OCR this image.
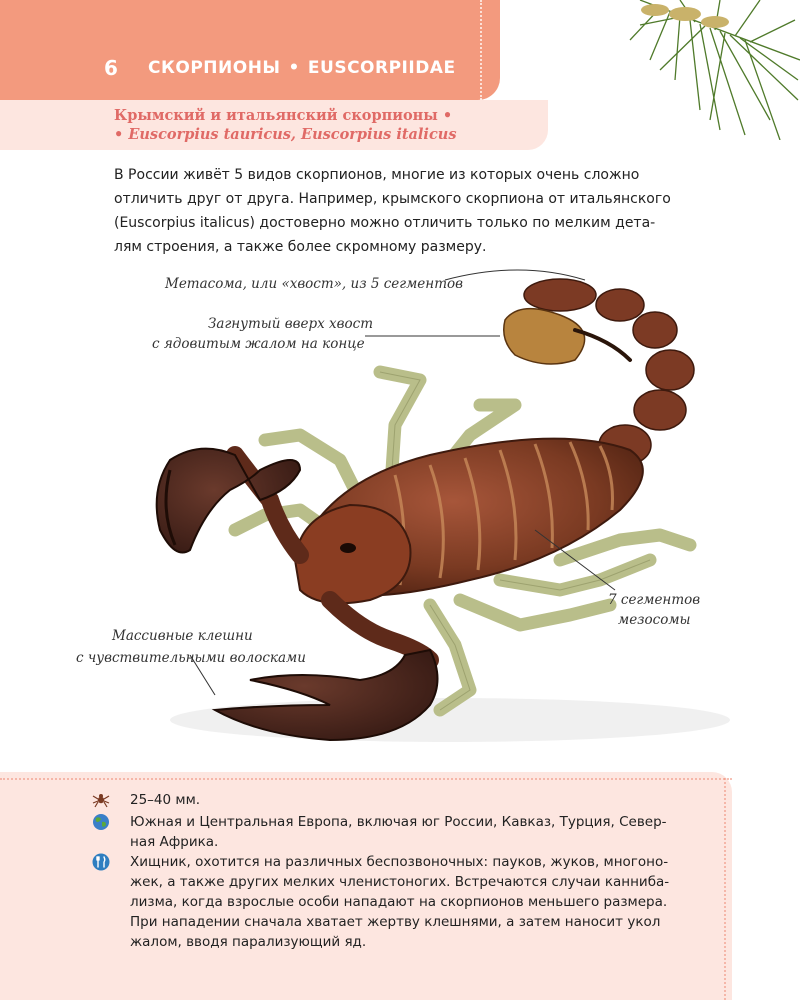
6 СКОРПИОНЫ • EUSCORPIIDAE
Крымский и итальянский скорпионы •
• Euscorpius tauricus, Euscorpius italicus
В России живёт 5 видов скорпионов, многие из которых очень сложно
отличить друг от друга. Например, крымского скорпиона от итальянского
(Euscorpius italicus) достоверно можно отличить только по мелким дета-
лям строения, а также более скромному размеру.
Метасома, или «хвост», из 5 сегментов
Загнутый вверх хвост
с ядовитым жалом на конце
7 сегментов
мезосомы
Массивные клешни
с чувствительными волосками
25–40 мм.
Южная и Центральная Европа, включая юг России, Кавказ, Турция, Север-
ная Африка.
Хищник, охотится на различных беспозвоночных: пауков, жуков, многоно-
жек, а также других мелких членистоногих. Встречаются случаи канниба-
лизма, когда взрослые особи нападают на скорпионов меньшего размера.
При нападении сначала хватает жертву клешнями, а затем наносит укол
жалом, вводя парализующий яд.
